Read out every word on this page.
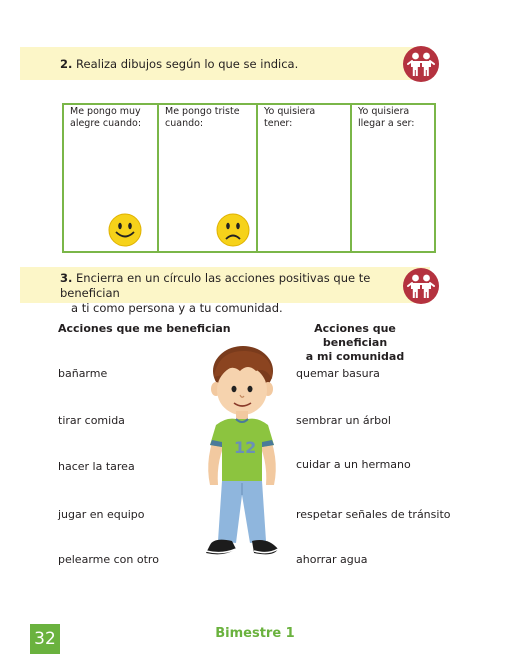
2. Realiza dibujos según lo que se indica.
Me pongo muy alegre cuando:
Me pongo triste cuando:
Yo quisiera tener:
Yo quisiera llegar a ser:
3. Encierra en un círculo las acciones positivas que te benefician
a ti como persona y a tu comunidad.
Acciones que me benefician	Acciones que benefician
a mi comunidad
bañarme
tirar comida
hacer la tarea
jugar en equipo
pelearme con otro
quemar basura
sembrar un árbol
cuidar a un hermano
respetar señales de tránsito
ahorrar agua
12
32	Bimestre 1
